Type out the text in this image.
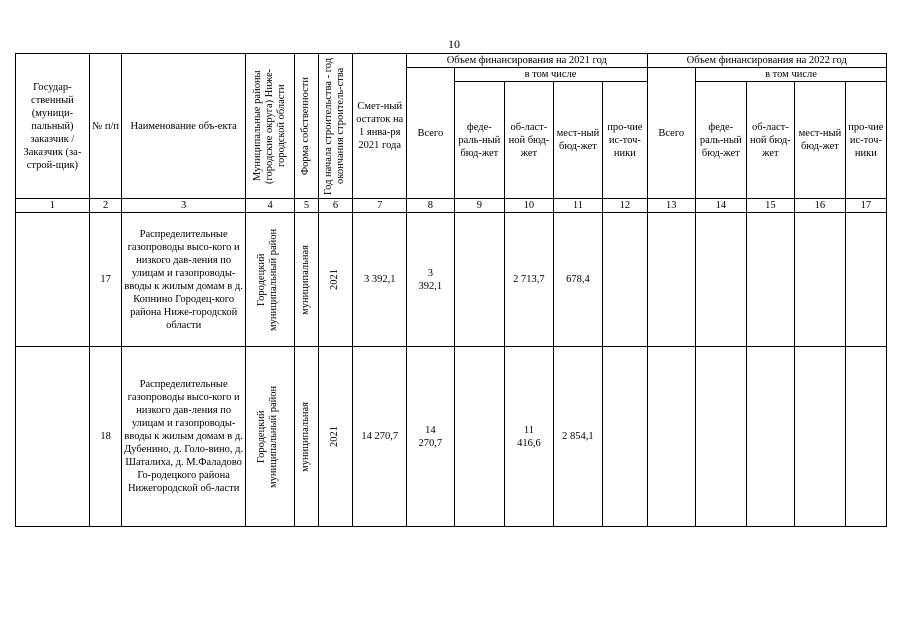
10
Государ-ственный (муници-пальный) заказчик / Заказчик (за-строй-щик)	№ п/п	Наименование объ-екта	Муниципальные районы (городские округа) Ниже-городской области	Форма собственности	Год начала строительства - год окончания строитель-ства	Смет-ный остаток на 1 янва-ря 2021 года	Объем финансирования на 2021 год					Объем финансирования на 2022 год				
							Всего	в том числе				Всего	в том числе			
								феде-раль-ный бюд-жет	об-ласт-ной бюд-жет	мест-ный бюд-жет	про-чие ис-точ-ники		феде-раль-ный бюд-жет	об-ласт-ной бюд-жет	мест-ный бюд-жет	про-чие ис-точ-ники
1	2	3	4	5	6	7	8	9	10	11	12	13	14	15	16	17
	17	Распределительные газопроводы высо-кого и низкого дав-ления по улицам и газопроводы-вводы к жилым домам в д. Копнино Городец-кого района Ниже-городской области	Городецкий муниципальный район	муниципальная	2021	3 392,1	3 392,1		2 713,7	678,4						
	18	Распределительные газопроводы высо-кого и низкого дав-ления по улицам и газопроводы-вводы к жилым домам в д. Дубенино, д. Голо-вино, д. Шаталиха, д. М.Фаладово Го-родецкого района Нижегородской об-ласти	Городецкий муниципальный район	муниципальная	2021	14 270,7	14 270,7		11 416,6	2 854,1						
